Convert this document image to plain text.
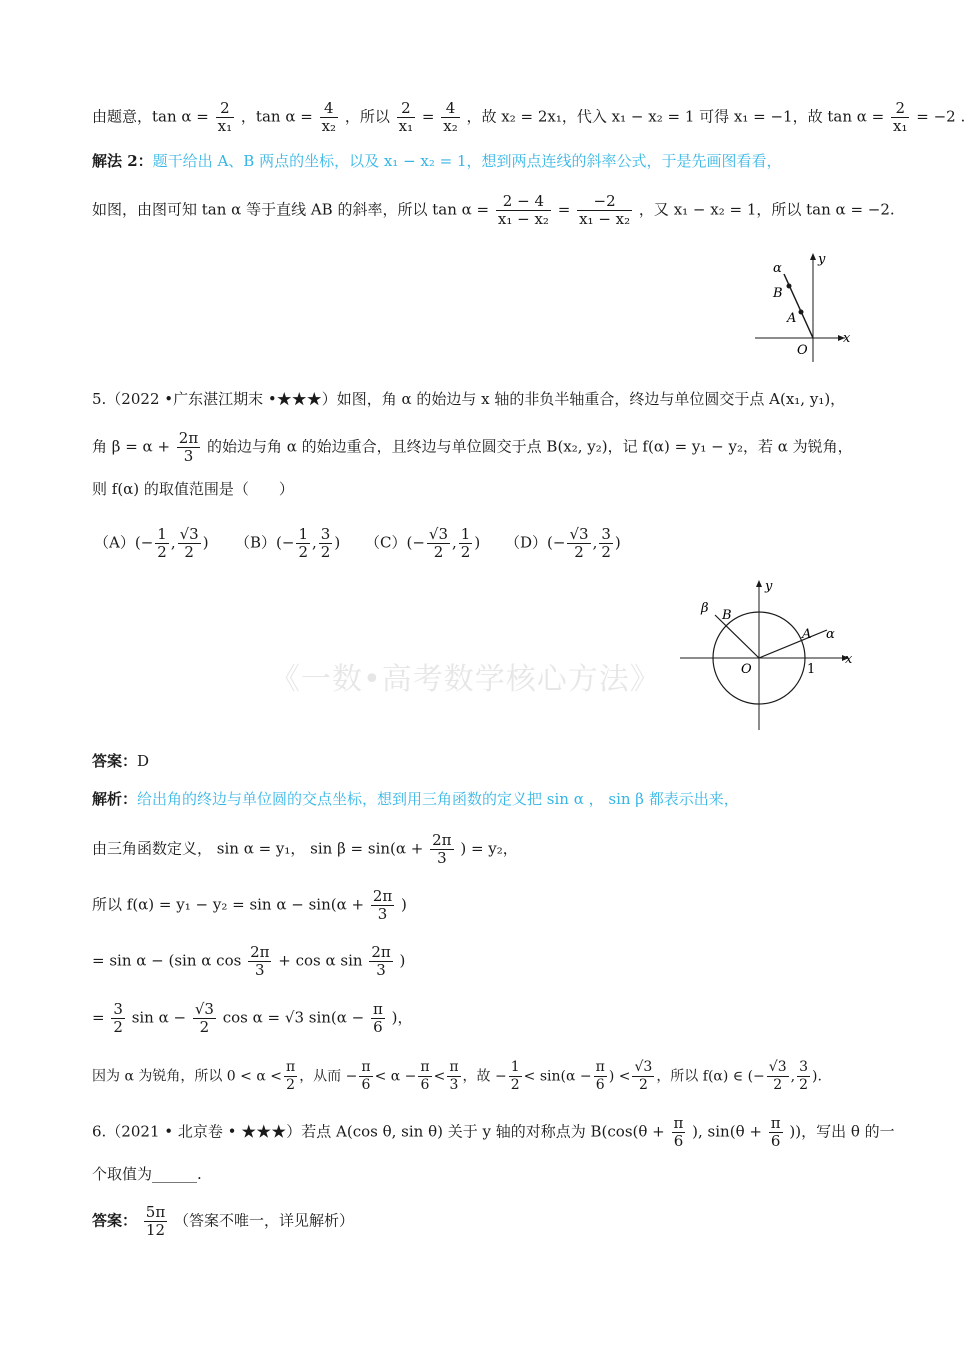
《一数•高考数学核心方法》
由题意，$\tan \alpha = \frac{2}{\text{x₁}}$ ，$\tan \alpha = \frac{4}{\text{x₂}}$ ，所以 $\frac{2}{\text{x₁}} = \frac{4}{\text{x₂}}$ ，故 x₂ = 2x₁，代入 x₁ − x₂ = 1 可得 x₁ = −1，故 $\tan \alpha = \frac{2}{\text{x₁}} = -2$ .
解法 2：题干给出 A、B 两点的坐标，以及 x₁ − x₂ = 1，想到两点连线的斜率公式，于是先画图看看，
如图，由图可知 tan α 等于直线 AB 的斜率，所以 $\tan \alpha = \frac{2 - 4}{\text{x₁ − x₂}} = \frac{-2}{\text{x₁ − x₂}}$ ，又 x₁ − x₂ = 1，所以 tan α = −2.
α
y
B
A
x
O
5.（2022 •广东湛江期末 •★★★）如图，角 α 的始边与 x 轴的非负半轴重合，终边与单位圆交于点 A(x₁, y₁)，
角 $\beta = \alpha + \frac{2\pi}{3}$ 的始边与角 α 的始边重合，且终边与单位圆交于点 B(x₂, y₂)，记 f(α) = y₁ − y₂，若 α 为锐角，
则 f(α) 的取值范围是（　　）
$(A)(- \frac{1}{2}$ , $\frac{√3}{2}$ ) $(B)(- \frac{1}{2}$ , $\frac{3}{2}$ ) $(C)(- \frac{√3}{2}$ , $\frac{1}{2}$ ) $(D)(- \frac{√3}{2}$ , $\frac{3}{2}$ )
y
x
β B
A α
O	1
答案：D
解析：给出角的终边与单位圆的交点坐标，想到用三角函数的定义把 sin α ， sin β 都表示出来，
由三角函数定义， sin α = y₁， $\sin \beta = \sin(\alpha + \frac{2\pi}{3}$ ) = y₂，
所以 $f(\alpha) = y_1 - y_2 = \sin \alpha - \sin(\alpha + \frac{2\pi}{3}$ )
= sin α − (sin α $\cos \frac{2\pi}{3} + \cos \alpha$ $\sin \frac{2\pi}{3}$ )
= $\frac{3}{2}$ $\sin \alpha - \frac{√3}{2}$ cos α = √3 $\sin(\alpha - \frac{\pi}{6}$ )，
因为 α 为锐角，所以 $0 < \alpha < \frac{\pi}{2}$ ，从而 − $\frac{\pi}{6} < \alpha - \frac{\pi}{6} < \frac{\pi}{3}$ ，故 − $\frac{1}{2} < \sin(\alpha - \frac{\pi}{6}$ ) < $\frac{√3}{2}$ ，所以 f(α) ∈ (− $\frac{√3}{2}$ , $\frac{3}{2}$ ).
6.（2021 • 北京卷 • ★★★）若点 A(cos θ, sin θ) 关于 y 轴的对称点为 $B(\cos(\theta + \frac{\pi}{6}$ ), $\sin(\theta + \frac{\pi}{6}$ ))，写出 θ 的一
个取值为______.
答案： $\frac{5\pi}{12}$ （答案不唯一，详见解析）
